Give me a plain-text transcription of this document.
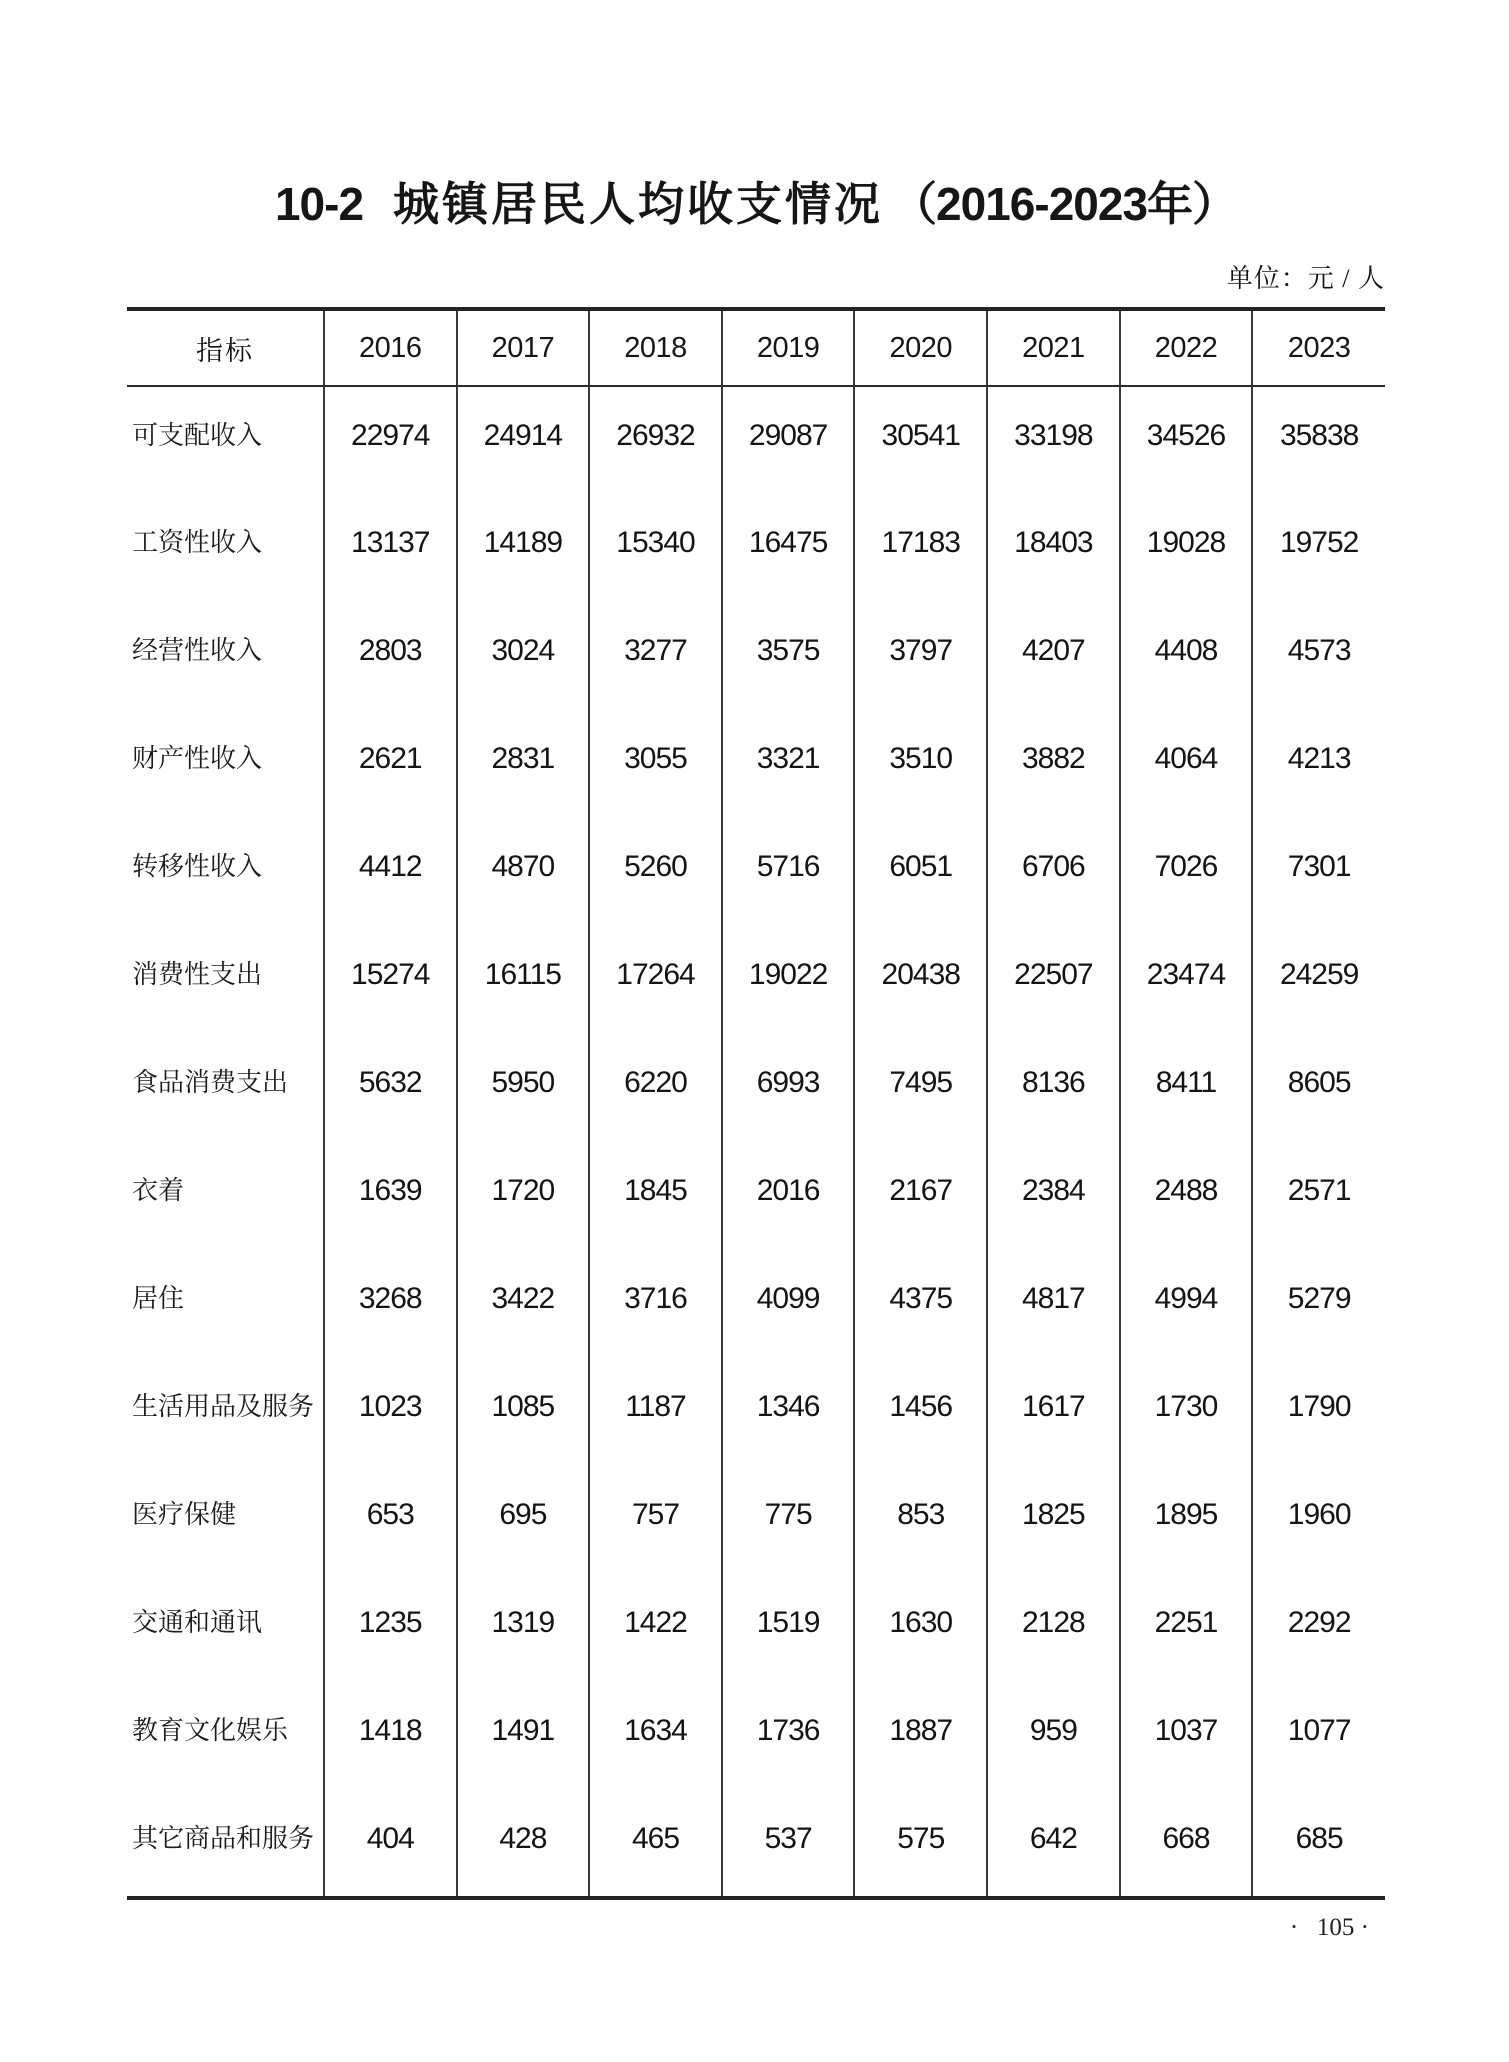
10-2 城镇居民人均收支情况 （2016-2023年）
单位：元 / 人
指标	2016	2017	2018	2019	2020	2021	2022	2023
可支配收入	22974	24914	26932	29087	30541	33198	34526	35838
工资性收入	13137	14189	15340	16475	17183	18403	19028	19752
经营性收入	2803	3024	3277	3575	3797	4207	4408	4573
财产性收入	2621	2831	3055	3321	3510	3882	4064	4213
转移性收入	4412	4870	5260	5716	6051	6706	7026	7301
消费性支出	15274	16115	17264	19022	20438	22507	23474	24259
食品消费支出	5632	5950	6220	6993	7495	8136	8411	8605
衣着	1639	1720	1845	2016	2167	2384	2488	2571
居住	3268	3422	3716	4099	4375	4817	4994	5279
生活用品及服务	1023	1085	1187	1346	1456	1617	1730	1790
医疗保健	653	695	757	775	853	1825	1895	1960
交通和通讯	1235	1319	1422	1519	1630	2128	2251	2292
教育文化娱乐	1418	1491	1634	1736	1887	959	1037	1077
其它商品和服务	404	428	465	537	575	642	668	685
·   105 ·
